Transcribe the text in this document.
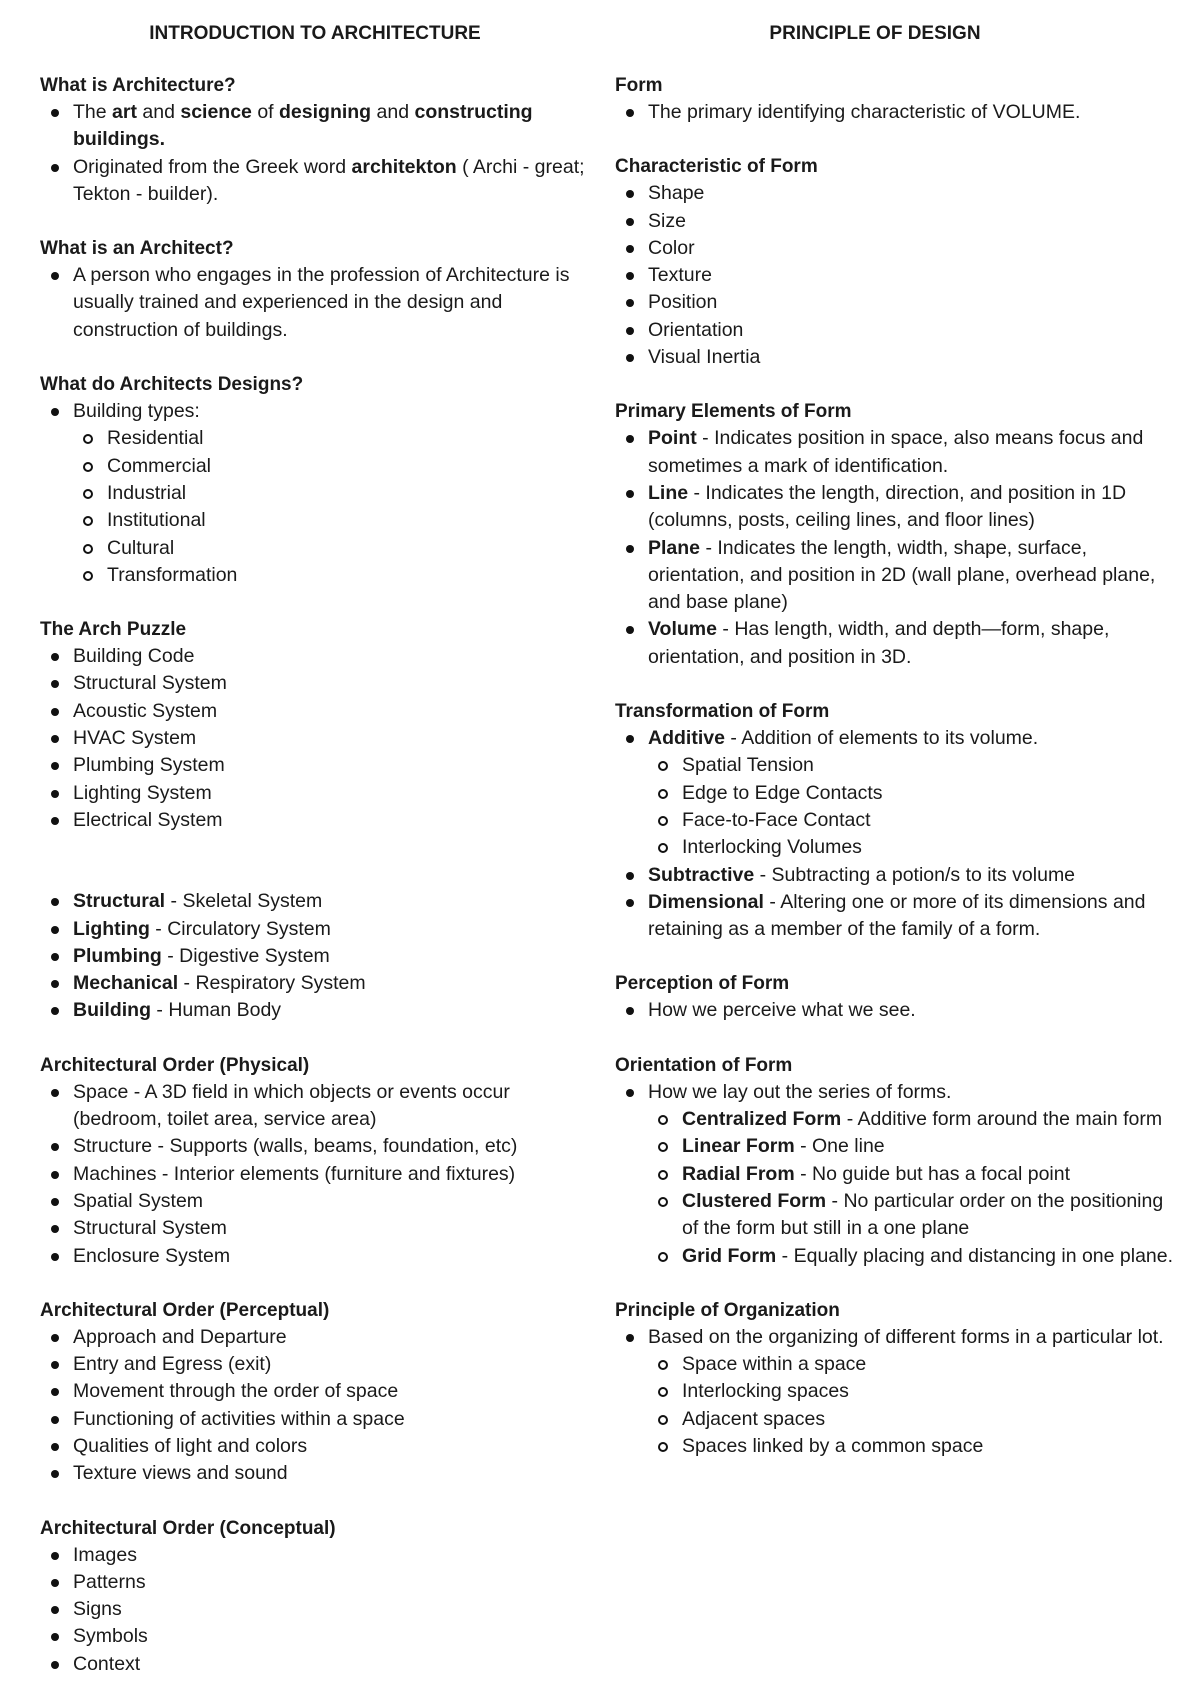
INTRODUCTION TO ARCHITECTURE
What is Architecture?
The art and science of designing and constructing buildings.
Originated from the Greek word architekton ( Archi - great; Tekton - builder).
What is an Architect?
A person who engages in the profession of Architecture is usually trained and experienced in the design and construction of buildings.
What do Architects Designs?
Building types:
Residential
Commercial
Industrial
Institutional
Cultural
Transformation
The Arch Puzzle
Building Code
Structural System
Acoustic System
HVAC System
Plumbing System
Lighting System
Electrical System
Structural - Skeletal System
Lighting - Circulatory System
Plumbing - Digestive System
Mechanical - Respiratory System
Building - Human Body
Architectural Order (Physical)
Space - A 3D field in which objects or events occur (bedroom, toilet area, service area)
Structure - Supports (walls, beams, foundation, etc)
Machines - Interior elements (furniture and fixtures)
Spatial System
Structural System
Enclosure System
Architectural Order (Perceptual)
Approach and Departure
Entry and Egress (exit)
Movement through the order of space
Functioning of activities within a space
Qualities of light and colors
Texture views and sound
Architectural Order (Conceptual)
Images
Patterns
Signs
Symbols
Context
PRINCIPLE OF DESIGN
Form
The primary identifying characteristic of VOLUME.
Characteristic of Form
Shape
Size
Color
Texture
Position
Orientation
Visual Inertia
Primary Elements of Form
Point - Indicates position in space, also means focus and sometimes a mark of identification.
Line - Indicates the length, direction, and position in 1D (columns, posts, ceiling lines, and floor lines)
Plane - Indicates the length, width, shape, surface, orientation, and position in 2D (wall plane, overhead plane, and base plane)
Volume - Has length, width, and depth—form, shape, orientation, and position in 3D.
Transformation of Form
Additive - Addition of elements to its volume.
Spatial Tension
Edge to Edge Contacts
Face-to-Face Contact
Interlocking Volumes
Subtractive - Subtracting a potion/s to its volume
Dimensional - Altering one or more of its dimensions and retaining as a member of the family of a form.
Perception of Form
How we perceive what we see.
Orientation of Form
How we lay out the series of forms.
Centralized Form - Additive form around the main form
Linear Form - One line
Radial From - No guide but has a focal point
Clustered Form - No particular order on the positioning of the form but still in a one plane
Grid Form - Equally placing and distancing in one plane.
Principle of Organization
Based on the organizing of different forms in a particular lot.
Space within a space
Interlocking spaces
Adjacent spaces
Spaces linked by a common space
